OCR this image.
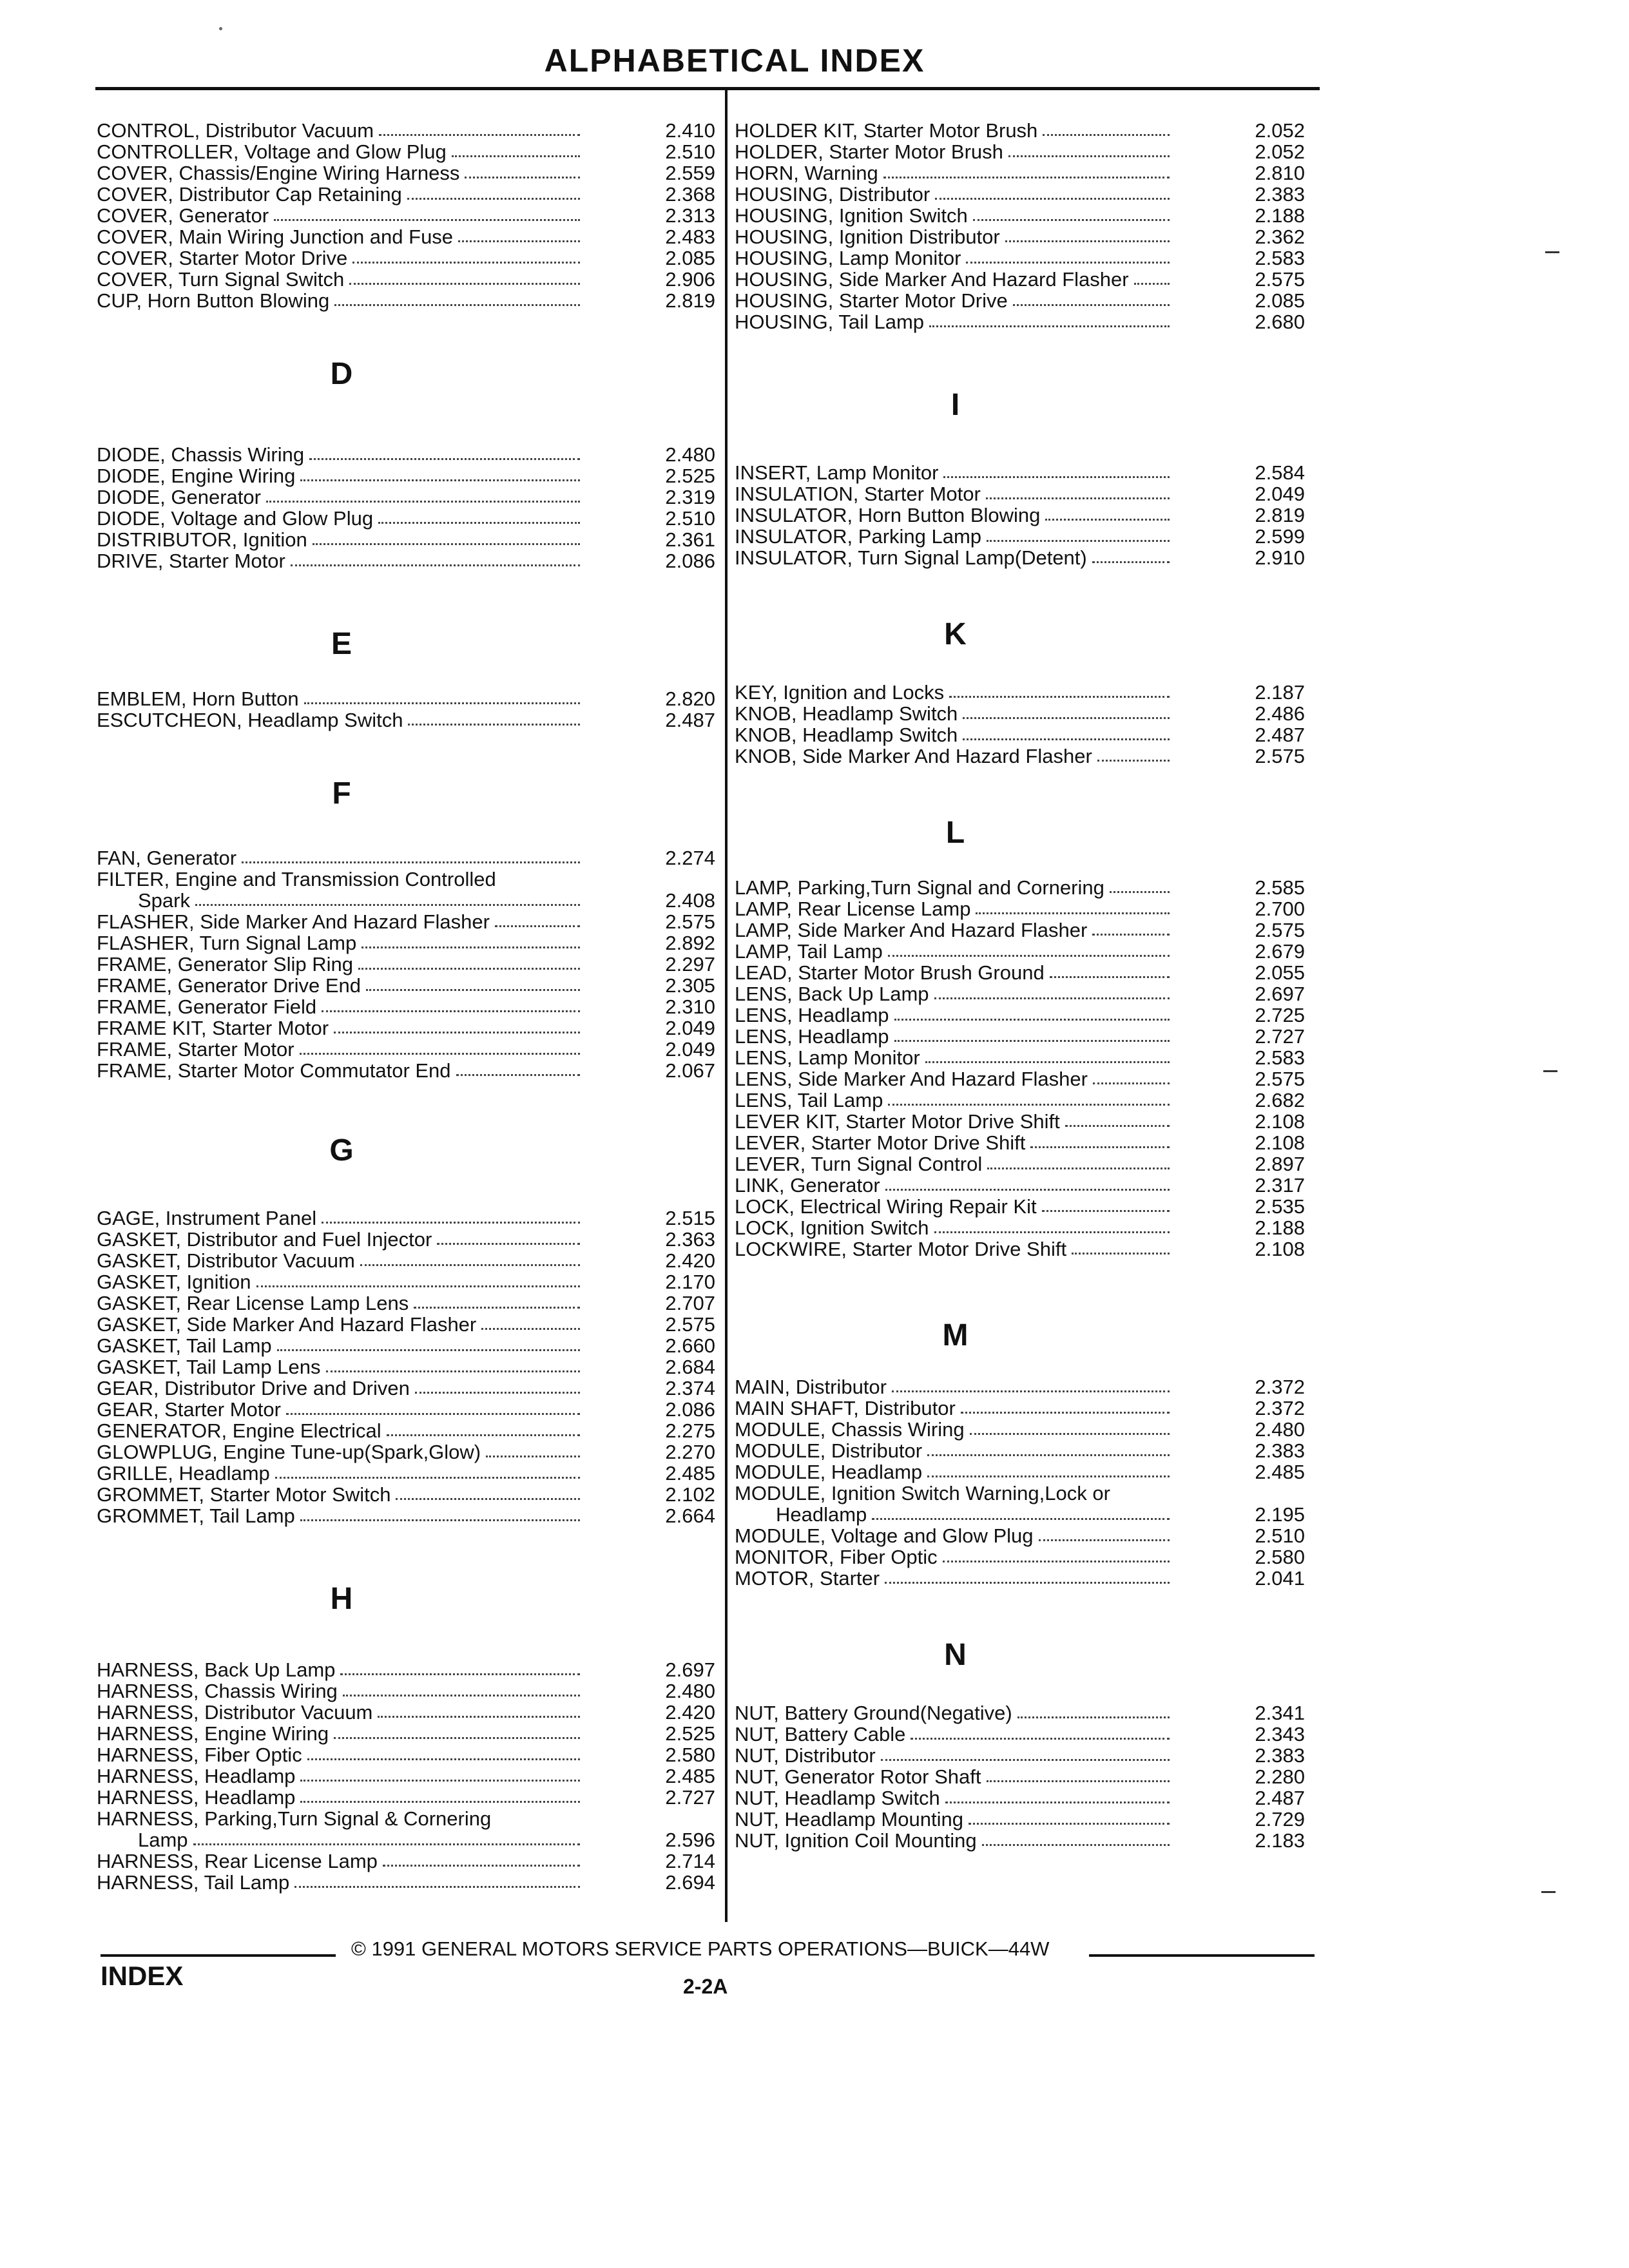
ALPHABETICAL INDEX
CONTROL, Distributor Vacuum	2.410
CONTROLLER, Voltage and Glow Plug	2.510
COVER, Chassis/Engine Wiring Harness	2.559
COVER, Distributor Cap Retaining	2.368
COVER, Generator	2.313
COVER, Main Wiring Junction and Fuse	2.483
COVER, Starter Motor Drive	2.085
COVER, Turn Signal Switch	2.906
CUP, Horn Button Blowing	2.819
D
DIODE, Chassis Wiring	2.480
DIODE, Engine Wiring	2.525
DIODE, Generator	2.319
DIODE, Voltage and Glow Plug	2.510
DISTRIBUTOR, Ignition	2.361
DRIVE, Starter Motor	2.086
E
EMBLEM, Horn Button	2.820
ESCUTCHEON, Headlamp Switch	2.487
F
FAN, Generator	2.274
FILTER, Engine and Transmission Controlled
Spark	2.408
FLASHER, Side Marker And Hazard Flasher	2.575
FLASHER, Turn Signal Lamp	2.892
FRAME, Generator Slip Ring	2.297
FRAME, Generator Drive End	2.305
FRAME, Generator Field	2.310
FRAME KIT, Starter Motor	2.049
FRAME, Starter Motor	2.049
FRAME, Starter Motor Commutator End	2.067
G
GAGE, Instrument Panel	2.515
GASKET, Distributor and Fuel Injector	2.363
GASKET, Distributor Vacuum	2.420
GASKET, Ignition	2.170
GASKET, Rear License Lamp Lens	2.707
GASKET, Side Marker And Hazard Flasher	2.575
GASKET, Tail Lamp	2.660
GASKET, Tail Lamp Lens	2.684
GEAR, Distributor Drive and Driven	2.374
GEAR, Starter Motor	2.086
GENERATOR, Engine Electrical	2.275
GLOWPLUG, Engine Tune-up(Spark,Glow)	2.270
GRILLE, Headlamp	2.485
GROMMET, Starter Motor Switch	2.102
GROMMET, Tail Lamp	2.664
H
HARNESS, Back Up Lamp	2.697
HARNESS, Chassis Wiring	2.480
HARNESS, Distributor Vacuum	2.420
HARNESS, Engine Wiring	2.525
HARNESS, Fiber Optic	2.580
HARNESS, Headlamp	2.485
HARNESS, Headlamp	2.727
HARNESS, Parking,Turn Signal & Cornering
Lamp	2.596
HARNESS, Rear License Lamp	2.714
HARNESS, Tail Lamp	2.694
HOLDER KIT, Starter Motor Brush	2.052
HOLDER, Starter Motor Brush	2.052
HORN, Warning	2.810
HOUSING, Distributor	2.383
HOUSING, Ignition Switch	2.188
HOUSING, Ignition Distributor	2.362
HOUSING, Lamp Monitor	2.583
HOUSING, Side Marker And Hazard Flasher	2.575
HOUSING, Starter Motor Drive	2.085
HOUSING, Tail Lamp	2.680
I
INSERT, Lamp Monitor	2.584
INSULATION, Starter Motor	2.049
INSULATOR, Horn Button Blowing	2.819
INSULATOR, Parking Lamp	2.599
INSULATOR, Turn Signal Lamp(Detent)	2.910
K
KEY, Ignition and Locks	2.187
KNOB, Headlamp Switch	2.486
KNOB, Headlamp Switch	2.487
KNOB, Side Marker And Hazard Flasher	2.575
L
LAMP, Parking,Turn Signal and Cornering	2.585
LAMP, Rear License Lamp	2.700
LAMP, Side Marker And Hazard Flasher	2.575
LAMP, Tail Lamp	2.679
LEAD, Starter Motor Brush Ground	2.055
LENS, Back Up Lamp	2.697
LENS, Headlamp	2.725
LENS, Headlamp	2.727
LENS, Lamp Monitor	2.583
LENS, Side Marker And Hazard Flasher	2.575
LENS, Tail Lamp	2.682
LEVER KIT, Starter Motor Drive Shift	2.108
LEVER, Starter Motor Drive Shift	2.108
LEVER, Turn Signal Control	2.897
LINK, Generator	2.317
LOCK, Electrical Wiring Repair Kit	2.535
LOCK, Ignition Switch	2.188
LOCKWIRE, Starter Motor Drive Shift	2.108
M
MAIN, Distributor	2.372
MAIN SHAFT, Distributor	2.372
MODULE, Chassis Wiring	2.480
MODULE, Distributor	2.383
MODULE, Headlamp	2.485
MODULE, Ignition Switch Warning,Lock or
Headlamp	2.195
MODULE, Voltage and Glow Plug	2.510
MONITOR, Fiber Optic	2.580
MOTOR, Starter	2.041
N
NUT, Battery Ground(Negative)	2.341
NUT, Battery Cable	2.343
NUT, Distributor	2.383
NUT, Generator Rotor Shaft	2.280
NUT, Headlamp Switch	2.487
NUT, Headlamp Mounting	2.729
NUT, Ignition Coil Mounting	2.183
© 1991 GENERAL MOTORS SERVICE PARTS OPERATIONS—BUICK—44W
INDEX	2-2A
